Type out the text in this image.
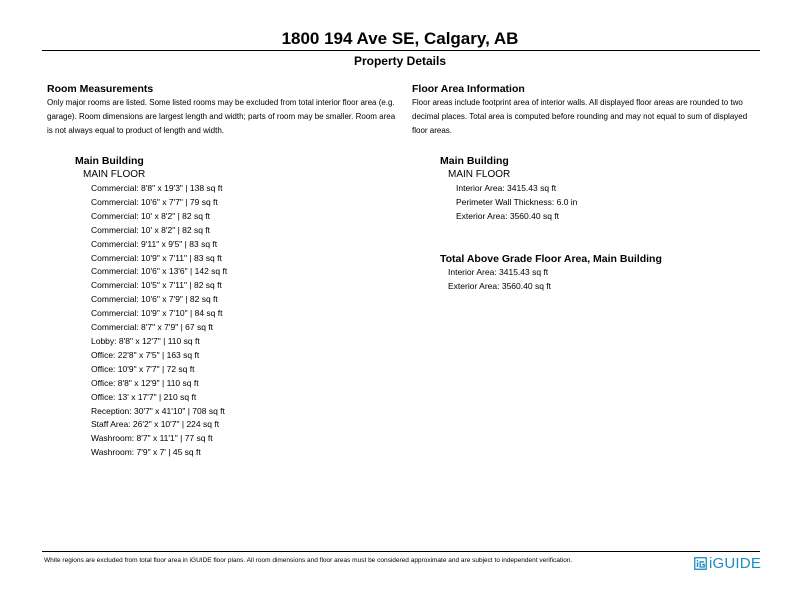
1800 194 Ave SE, Calgary, AB
Property Details
Room Measurements
Only major rooms are listed. Some listed rooms may be excluded from total interior floor area (e.g. garage). Room dimensions are largest length and width; parts of room may be smaller. Room area is not always equal to product of length and width.
Main Building
MAIN FLOOR
Commercial: 8'8" x 19'3" | 138 sq ft
Commercial: 10'6" x 7'7" | 79 sq ft
Commercial: 10' x 8'2" | 82 sq ft
Commercial: 10' x 8'2" | 82 sq ft
Commercial: 9'11" x 9'5" | 83 sq ft
Commercial: 10'9" x 7'11" | 83 sq ft
Commercial: 10'6" x 13'6" | 142 sq ft
Commercial: 10'5" x 7'11" | 82 sq ft
Commercial: 10'6" x 7'9" | 82 sq ft
Commercial: 10'9" x 7'10" | 84 sq ft
Commercial: 8'7" x 7'9" | 67 sq ft
Lobby: 8'8" x 12'7" | 110 sq ft
Office: 22'8" x 7'5" | 163 sq ft
Office: 10'9" x 7'7" | 72 sq ft
Office: 8'8" x 12'9" | 110 sq ft
Office: 13' x 17'7" | 210 sq ft
Reception: 30'7" x 41'10" | 708 sq ft
Staff Area: 26'2" x 10'7" | 224 sq ft
Washroom: 8'7" x 11'1" | 77 sq ft
Washroom: 7'9" x 7' | 45 sq ft
Floor Area Information
Floor areas include footprint area of interior walls. All displayed floor areas are rounded to two decimal places. Total area is computed before rounding and may not equal to sum of displayed floor areas.
Main Building
MAIN FLOOR
Interior Area: 3415.43 sq ft
Perimeter Wall Thickness: 6.0 in
Exterior Area: 3560.40 sq ft
Total Above Grade Floor Area, Main Building
Interior Area: 3415.43 sq ft
Exterior Area: 3560.40 sq ft
White regions are excluded from total floor area in iGUIDE floor plans. All room dimensions and floor areas must be considered approximate and are subject to independent verification.	iGUIDE
